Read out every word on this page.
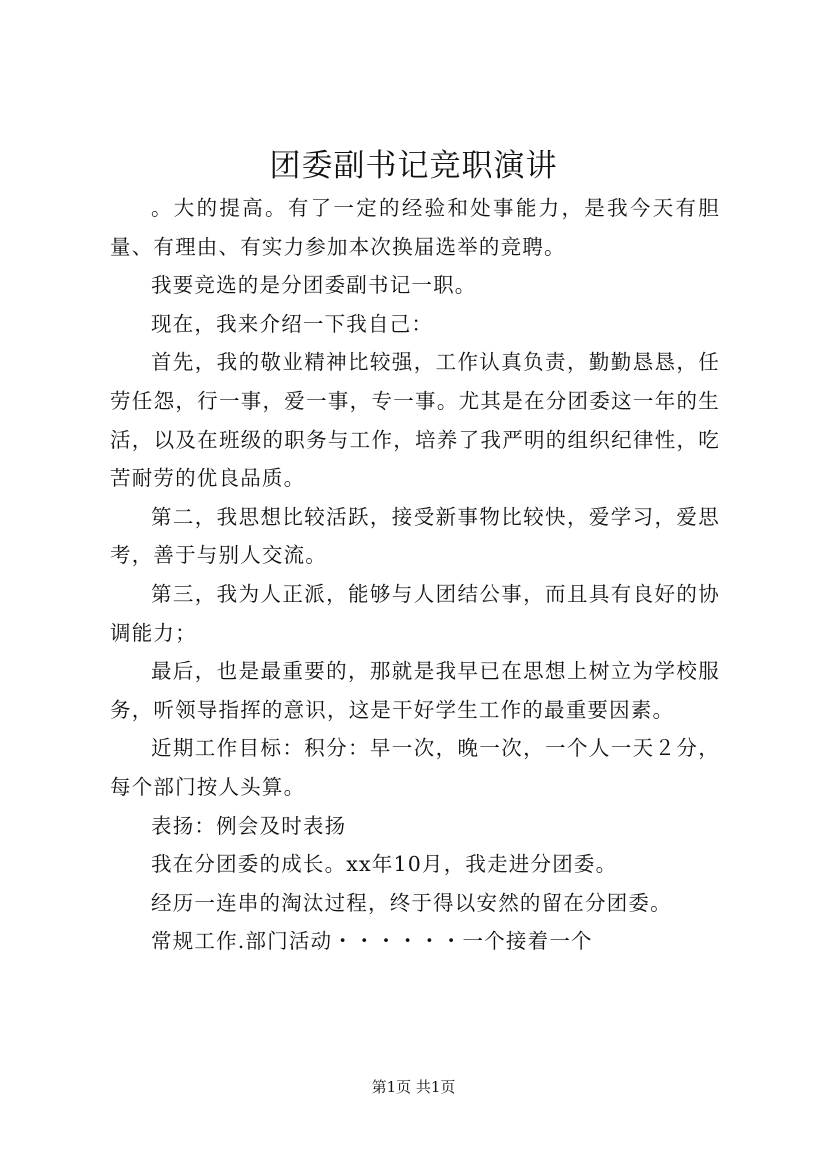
团委副书记竞职演讲

。大的提高。有了一定的经验和处事能力，是我今天有胆量、有理由、有实力参加本次换届选举的竞聘。

我要竞选的是分团委副书记一职。

现在，我来介绍一下我自己：

首先，我的敬业精神比较强，工作认真负责，勤勤恳恳，任劳任怨，行一事，爱一事，专一事。尤其是在分团委这一年的生活，以及在班级的职务与工作，培养了我严明的组织纪律性，吃苦耐劳的优良品质。

第二，我思想比较活跃，接受新事物比较快，爱学习，爱思考，善于与别人交流。

第三，我为人正派，能够与人团结公事，而且具有良好的协调能力；

最后，也是最重要的，那就是我早已在思想上树立为学校服务，听领导指挥的意识，这是干好学生工作的最重要因素。

近期工作目标：积分：早一次，晚一次，一个人一天２分，每个部门按人头算。

表扬：例会及时表扬

我在分团委的成长。xx年10月，我走进分团委。

经历一连串的淘汰过程，终于得以安然的留在分团委。

常规工作.部门活动・・・・・・一个接着一个

第1页 共1页
